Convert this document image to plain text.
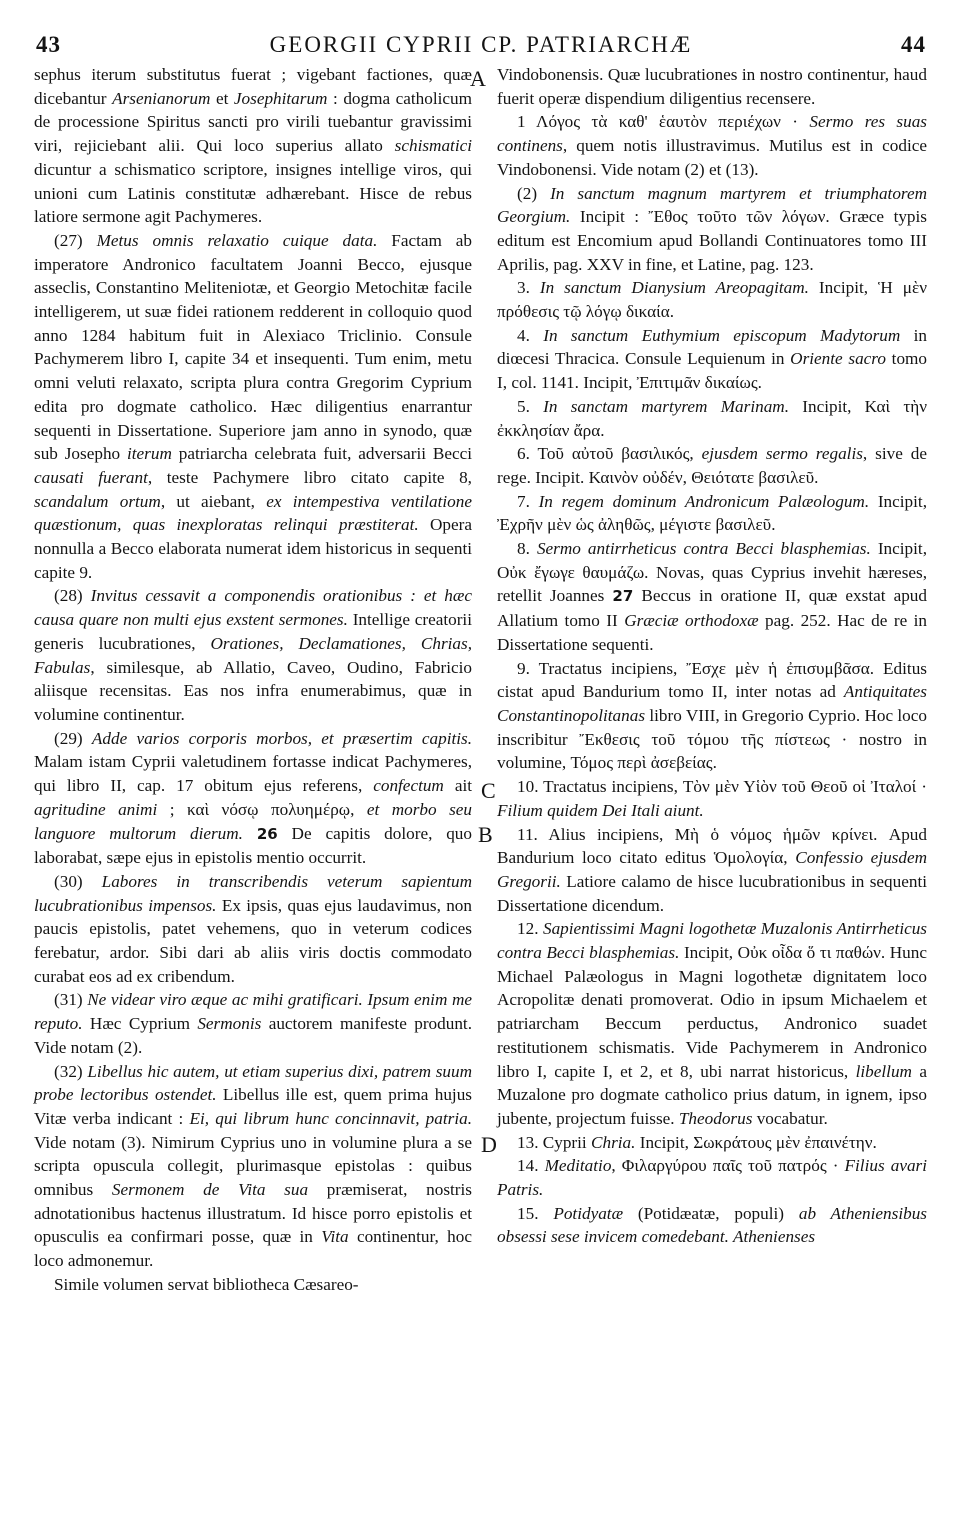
43	GEORGII CYPRII CP. PATRIARCHÆ	44

sephus iterum substitutus fuerat ; vigebant factiones, quæ dicebantur Arsenianorum et Josephitarum : dogma catholicum de processione Spiritus sancti pro virili tuebantur gravissimi viri, rejiciebant alii. Qui loco superius allato schismatici dicuntur a schismatico scriptore, insignes intellige viros, qui unioni cum Latinis constitutæ adhærebant. Hisce de rebus latiore sermone agit Pachymeres.

(27) Metus omnis relaxatio cuique data. Factam ab imperatore Andronico facultatem Joanni Becco, ejusque asseclis, Constantino Meliteniotæ, et Georgio Metochitæ facile intelligerem, ut suæ fidei rationem redderent in colloquio quod anno 1284 habitum fuit in Alexiaco Triclinio. Consule Pachymerem libro I, capite 34 et insequenti. Tum enim, metu omni veluti relaxato, scripta plura contra Gregorim Cyprium edita pro dogmate catholico. Hæc diligentius enarrantur sequenti in Dissertatione. Superiore jam anno in synodo, quæ sub Josepho iterum patriarcha celebrata fuit, adversarii Becci causati fuerant, teste Pachymere libro citato capite 8, scandalum ortum, ut aiebant, ex intempestiva ventilatione quæstionum, quas inexploratas relinqui præstiterat. Opera nonnulla a Becco elaborata numerat idem historicus in sequenti capite 9.

(28) Invitus cessavit a componendis orationibus : et hæc causa quare non multi ejus exstent sermones. Intellige creatorii generis lucubrationes, Orationes, Declamationes, Chrias, Fabulas, similesque, ab Allatio, Caveo, Oudino, Fabricio aliisque recensitas. Eas nos infra enumerabimus, quæ in volumine continentur.

(29) Adde varios corporis morbos, et præsertim capitis. Malam istam Cyprii valetudinem fortasse indicat Pachymeres, qui libro II, cap. 17 obitum ejus referens, confectum ait agritudine animi ; καὶ νόσῳ πολυημέρῳ, et morbo seu languore multorum dierum. 26 De capitis dolore, quo laborabat, sæpe ejus in epistolis mentio occurrit.

(30) Labores in transcribendis veterum sapientum lucubrationibus impensos. Ex ipsis, quas ejus laudavimus, non paucis epistolis, patet vehemens, quo in veterum codices ferebatur, ardor. Sibi dari ab aliis viris doctis commodato curabat eos ad ex cribendum.

(31) Ne videar viro æque ac mihi gratificari. Ipsum enim me reputo. Hæc Cyprium Sermonis auctorem manifeste produnt. Vide notam (2).

(32) Libellus hic autem, ut etiam superius dixi, patrem suum probe lectoribus ostendet. Libellus ille est, quem prima hujus Vitæ verba indicant : Ei, qui librum hunc concinnavit, patria. Vide notam (3). Nimirum Cyprius uno in volumine plura a se scripta opuscula collegit, plurimasque epistolas : quibus omnibus Sermonem de Vita sua præmiserat, nostris adnotationibus hactenus illustratum. Id hisce porro epistolis et opusculis ea confirmari posse, quæ in Vita continentur, hoc loco admonemur.

Simile volumen servat bibliotheca Cæsareo-

Vindobonensis. Quæ lucubrationes in nostro continentur, haud fuerit operæ dispendium diligentius recensere.

1 Λόγος τὰ καθ' ἑαυτὸν περιέχων · Sermo res suas continens, quem notis illustravimus. Mutilus est in codice Vindobonensi. Vide notam (2) et (13).

(2) In sanctum magnum martyrem et triumphatorem Georgium. Incipit : Ἔθος τοῦτο τῶν λόγων. Græce typis editum est Encomium apud Bollandi Continuatores tomo III Aprilis, pag. XXV in fine, et Latine, pag. 123.

3. In sanctum Dianysium Areopagitam. Incipit, Ἡ μὲν πρόθεσις τῷ λόγῳ δικαία.

4. In sanctum Euthymium episcopum Madytorum in diœcesi Thracica. Consule Lequienum in Oriente sacro tomo I, col. 1141. Incipit, Ἐπιτιμᾶν δικαίως.

5. In sanctam martyrem Marinam. Incipit, Καὶ τὴν ἐκκλησίαν ἄρα.

6. Τοῦ αὐτοῦ βασιλικός, ejusdem sermo regalis, sive de rege. Incipit. Καινὸν οὐδέν, Θειότατε βασιλεῦ.

7. In regem dominum Andronicum Palæologum. Incipit, Ἐχρῆν μὲν ὡς ἀληθῶς, μέγιστε βασιλεῦ.

8. Sermo antirrheticus contra Becci blasphemias. Incipit, Οὐκ ἔγωγε θαυμάζω. Novas, quas Cyprius invehit hæreses, retellit Joannes 27 Beccus in oratione II, quæ exstat apud Allatium tomo II Græciæ orthodoxæ pag. 252. Hac de re in Dissertatione sequenti.

9. Tractatus incipiens, Ἔσχε μὲν ἡ ἐπισυμβᾶσα. Editus cistat apud Bandurium tomo II, inter notas ad Antiquitates Constantinopolitanas libro VIII, in Gregorio Cyprio. Hoc loco inscribitur Ἔκθεσις τοῦ τόμου τῆς πίστεως · nostro in volumine, Τόμος περὶ ἀσεβείας.

10. Tractatus incipiens, Τὸν μὲν Υἱὸν τοῦ Θεοῦ οἱ Ἰταλοί · Filium quidem Dei Itali aiunt.

11. Alius incipiens, Μὴ ὁ νόμος ἡμῶν κρίνει. Apud Bandurium loco citato editus Ὁμολογία, Confessio ejusdem Gregorii. Latiore calamo de hisce lucubrationibus in sequenti Dissertatione dicendum.

12. Sapientissimi Magni logothetæ Muzalonis Antirrheticus contra Becci blasphemias. Incipit, Οὐκ οἶδα ὅ τι παθών. Hunc Michael Palæologus in Magni logothetæ dignitatem loco Acropolitæ denati promoverat. Odio in ipsum Michaelem et patriarcham Beccum perductus, Andronico suadet restitutionem schismatis. Vide Pachymerem in Andronico libro I, capite I, et 2, et 8, ubi narrat historicus, libellum a Muzalone pro dogmate catholico prius datum, in ignem, ipso jubente, projectum fuisse. Theodorus vocabatur.

13. Cyprii Chria. Incipit, Σωκράτους μὲν ἐπαινέτην.

14. Meditatio, Φιλαργύρου παῖς τοῦ πατρός · Filius avari Patris.

15. Potidyatæ (Potidæatæ, populi) ab Atheniensibus obsessi sese invicem comedebant. Athenienses

A
B
C
D
